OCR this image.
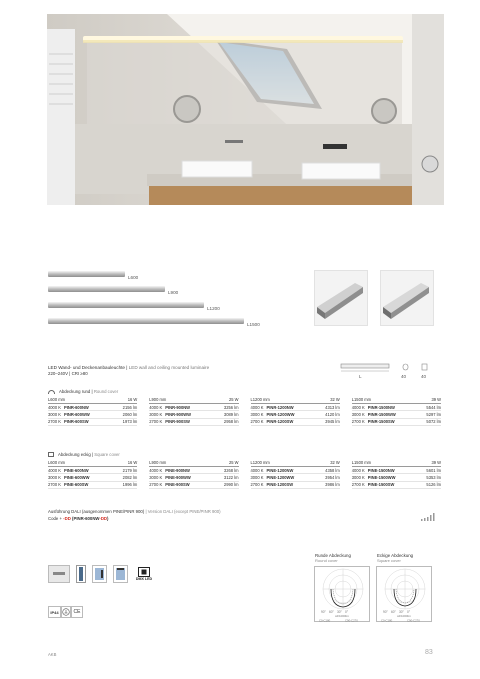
L600
L900
L1200
L1500
LED Wand- und Deckenanbauleuchte | LED wall and ceiling mounted luminaire
220–240V | CRI ≥80
L	40	40
Abdeckung rund | Round cover
L600 mm	16 W
4000 K PINR-600NW	2156 lm
3000 K PINR-600WW	2060 lm
2700 K PINR-600SW	1973 lm
L900 mm	25 W
4000 K PINR-900NW	3256 lm
3000 K PINR-900WW	3089 lm
2700 K PINR-900SW	2958 lm
L1200 mm	32 W
4000 K PINR-1200NW	4313 lm
3000 K PINR-1200WW	4120 lm
2700 K PINR-1200SW	3945 lm
L1500 mm	39 W
4000 K PINR-1500NW	5544 lm
3000 K PINR-1500WW	5297 lm
2700 K PINR-1500SW	5072 lm
Abdeckung eckig | Square cover
L600 mm	16 W
4000 K PINE-600NW	2179 lm
3000 K PINE-600WW	2082 lm
2700 K PINE-600SW	1996 lm
L900 mm	25 W
4000 K PINE-900NW	3268 lm
3000 K PINE-900WW	3122 lm
2700 K PINE-900SW	2990 lm
L1200 mm	32 W
4000 K PINE-1200NW	4358 lm
3000 K PINE-1200WW	3954 lm
2700 K PINE-1200SW	3986 lm
L1500 mm	39 W
4000 K PINE-1500NW	5601 lm
3000 K PINE-1500WW	5353 lm
2700 K PINE-1500SW	5126 lm
Ausführung DALI (ausgenommen PINE/PINR 900) | Version DALI (except PINE/PINR 900)
Code + -DD (PINR-600NW-DD)
DMX LED
IP44	CE
Runde Abdeckung
Round cover
90° 60° 30° 0°
cd/1000lm
C0-C180	C90-C270
Eckige Abdeckung
Square cover
90° 60° 30° 0°
cd/1000lm
C0-C180	C90-C270
AKB	83
